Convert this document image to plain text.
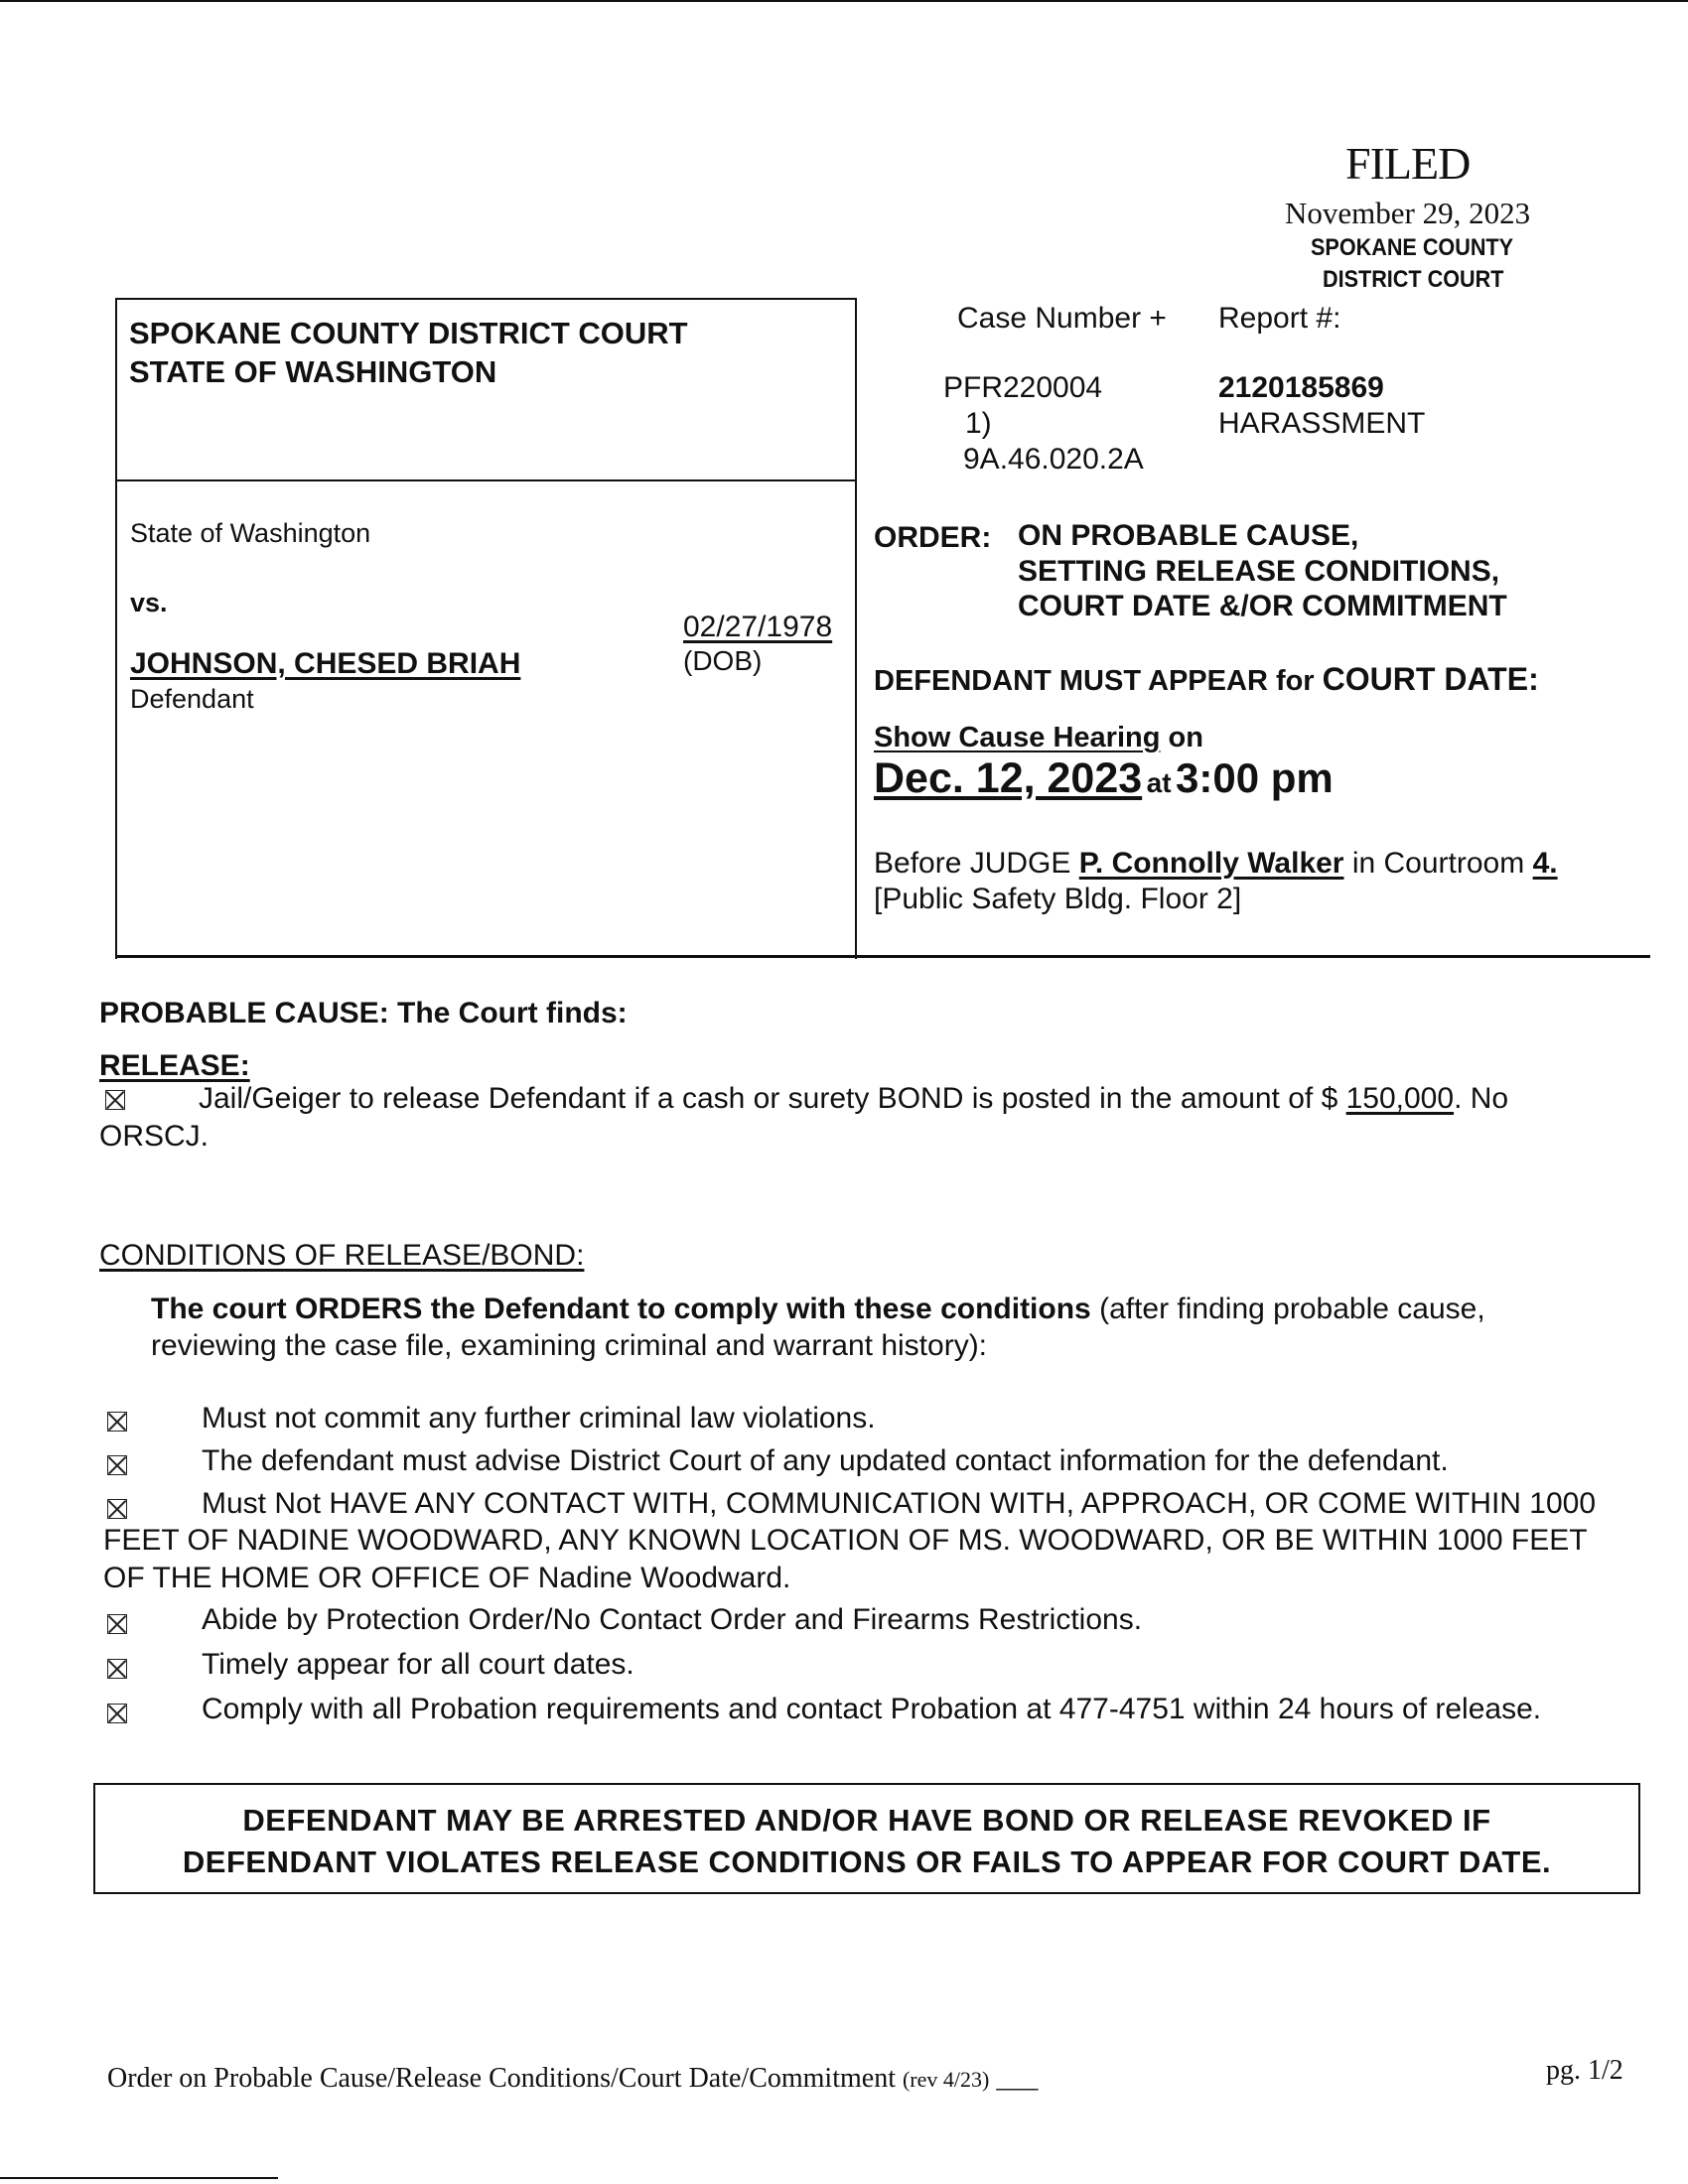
FILED
November 29, 2023
SPOKANE COUNTY
DISTRICT COURT
SPOKANE COUNTY DISTRICT COURT
STATE OF WASHINGTON
Case Number + Report #:
PFR220004
1)
9A.46.020.2A
2120185869
HARASSMENT
State of Washington
vs.
JOHNSON, CHESED BRIAH
Defendant
02/27/1978
(DOB)
ORDER: ON PROBABLE CAUSE,
SETTING RELEASE CONDITIONS,
COURT DATE &/OR COMMITMENT
DEFENDANT MUST APPEAR for COURT DATE:
Show Cause Hearing on
Dec. 12, 2023 at 3:00 pm
Before JUDGE P. Connolly Walker in Courtroom 4.
[Public Safety Bldg. Floor 2]
PROBABLE CAUSE: The Court finds:
RELEASE:
Jail/Geiger to release Defendant if a cash or surety BOND is posted in the amount of $ 150,000. No
ORSCJ.
CONDITIONS OF RELEASE/BOND:
The court ORDERS the Defendant to comply with these conditions (after finding probable cause,
reviewing the case file, examining criminal and warrant history):
Must not commit any further criminal law violations.
The defendant must advise District Court of any updated contact information for the defendant.
Must Not HAVE ANY CONTACT WITH, COMMUNICATION WITH, APPROACH, OR COME WITHIN 1000
FEET OF NADINE WOODWARD, ANY KNOWN LOCATION OF MS. WOODWARD, OR BE WITHIN 1000 FEET
OF THE HOME OR OFFICE OF Nadine Woodward.
Abide by Protection Order/No Contact Order and Firearms Restrictions.
Timely appear for all court dates.
Comply with all Probation requirements and contact Probation at 477-4751 within 24 hours of release.
DEFENDANT MAY BE ARRESTED AND/OR HAVE BOND OR RELEASE REVOKED IF
DEFENDANT VIOLATES RELEASE CONDITIONS OR FAILS TO APPEAR FOR COURT DATE.
Order on Probable Cause/Release Conditions/Court Date/Commitment (rev 4/23) ___	pg. 1/2
